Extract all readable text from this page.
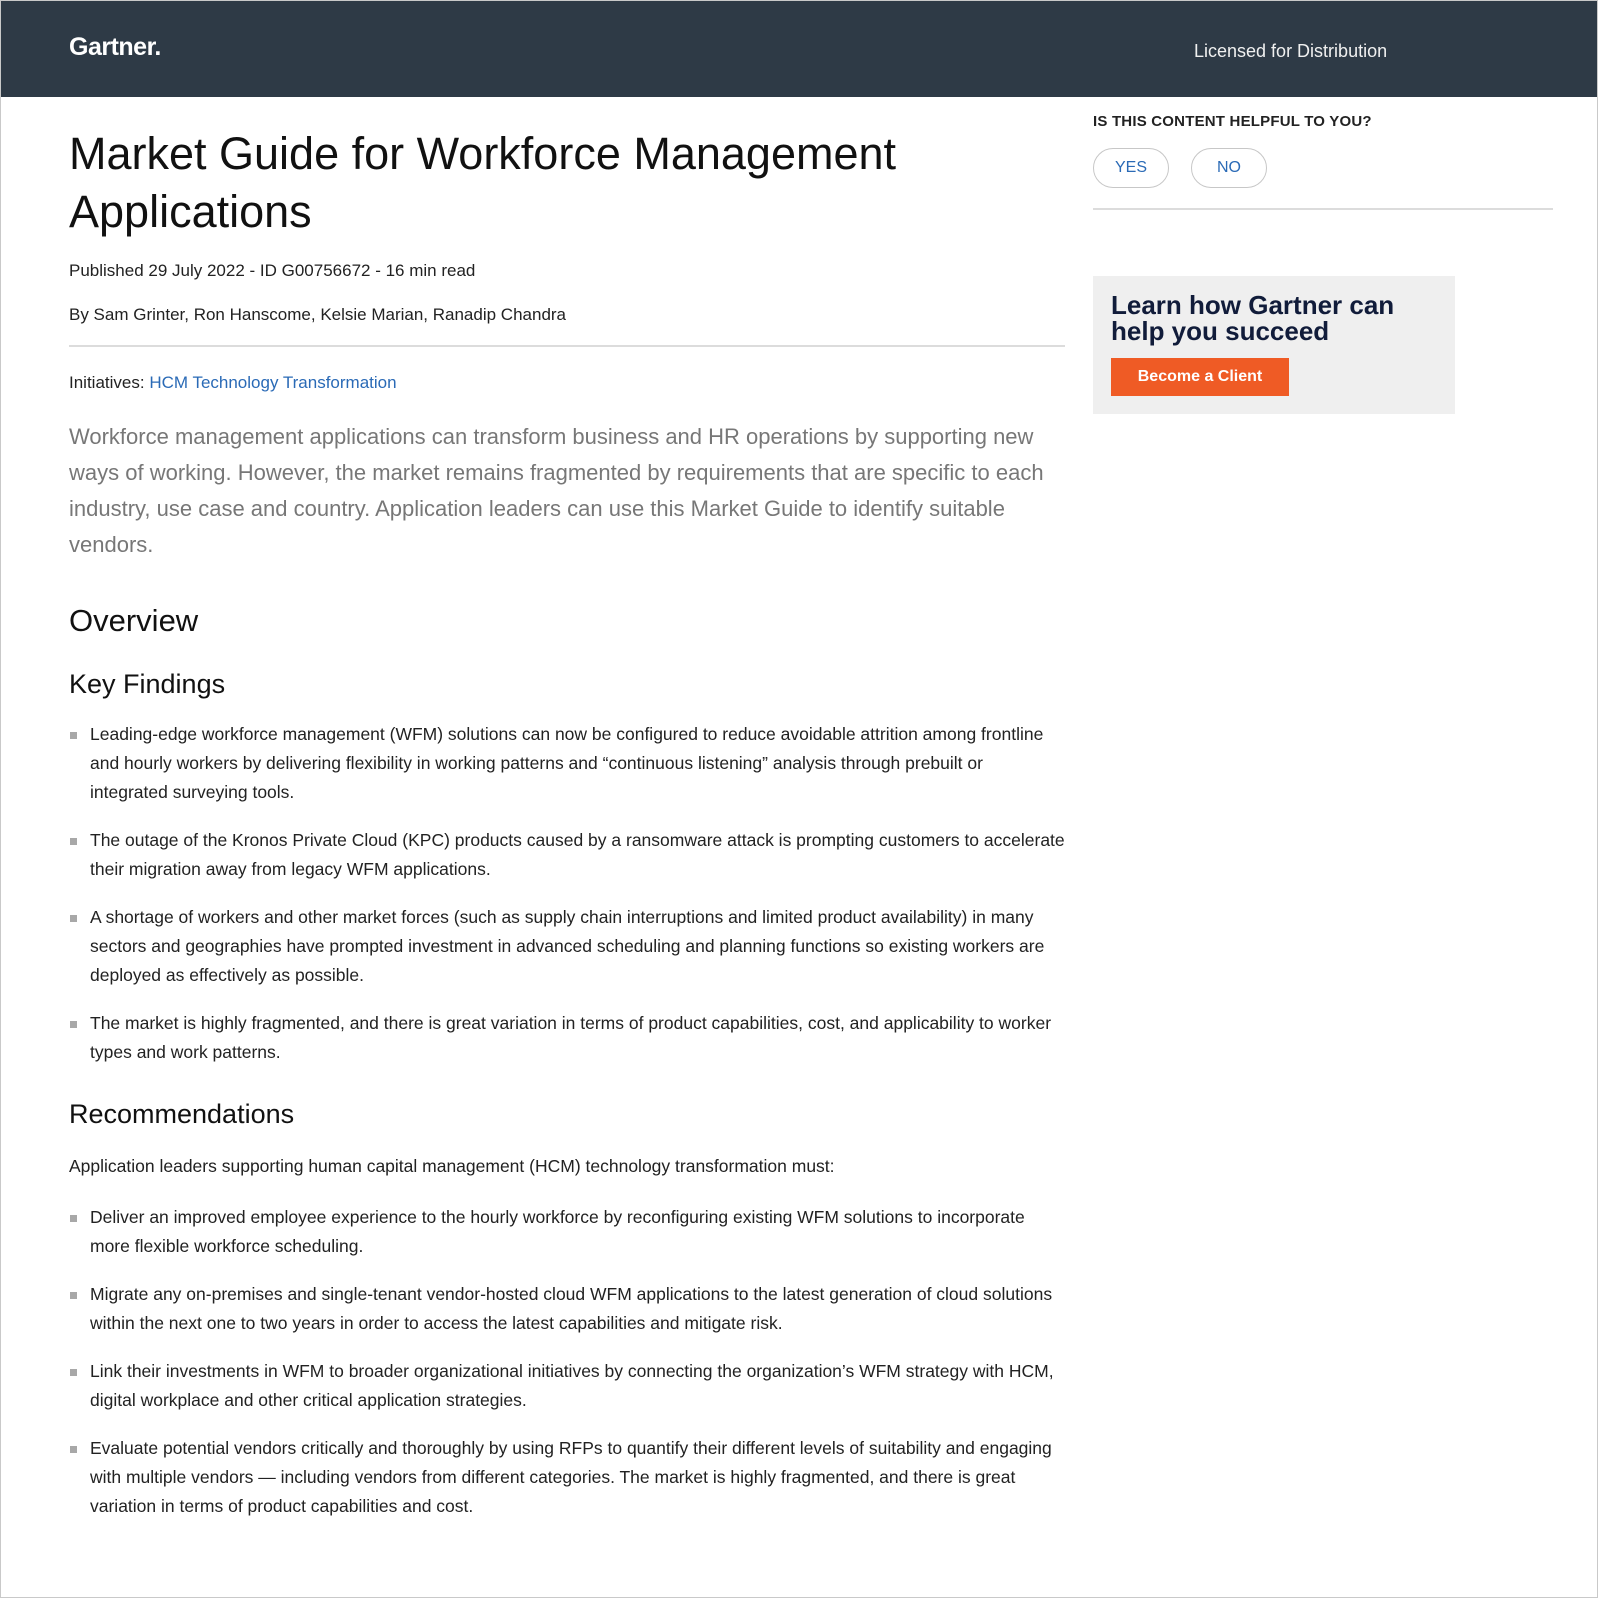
Gartner.	Licensed for Distribution
Market Guide for Workforce Management Applications
Published 29 July 2022 - ID G00756672 - 16 min read
By Sam Grinter, Ron Hanscome, Kelsie Marian, Ranadip Chandra
Initiatives: HCM Technology Transformation
Workforce management applications can transform business and HR operations by supporting new ways of working. However, the market remains fragmented by requirements that are specific to each industry, use case and country. Application leaders can use this Market Guide to identify suitable vendors.
Overview
Key Findings
Leading-edge workforce management (WFM) solutions can now be configured to reduce avoidable attrition among frontline and hourly workers by delivering flexibility in working patterns and “continuous listening” analysis through prebuilt or integrated surveying tools.
The outage of the Kronos Private Cloud (KPC) products caused by a ransomware attack is prompting customers to accelerate their migration away from legacy WFM applications.
A shortage of workers and other market forces (such as supply chain interruptions and limited product availability) in many sectors and geographies have prompted investment in advanced scheduling and planning functions so existing workers are deployed as effectively as possible.
The market is highly fragmented, and there is great variation in terms of product capabilities, cost, and applicability to worker types and work patterns.
Recommendations
Application leaders supporting human capital management (HCM) technology transformation must:
Deliver an improved employee experience to the hourly workforce by reconfiguring existing WFM solutions to incorporate more flexible workforce scheduling.
Migrate any on-premises and single-tenant vendor-hosted cloud WFM applications to the latest generation of cloud solutions within the next one to two years in order to access the latest capabilities and mitigate risk.
Link their investments in WFM to broader organizational initiatives by connecting the organization’s WFM strategy with HCM, digital workplace and other critical application strategies.
Evaluate potential vendors critically and thoroughly by using RFPs to quantify their different levels of suitability and engaging with multiple vendors — including vendors from different categories. The market is highly fragmented, and there is great variation in terms of product capabilities and cost.
IS THIS CONTENT HELPFUL TO YOU?
YES	NO
Learn how Gartner can help you succeed
Become a Client
